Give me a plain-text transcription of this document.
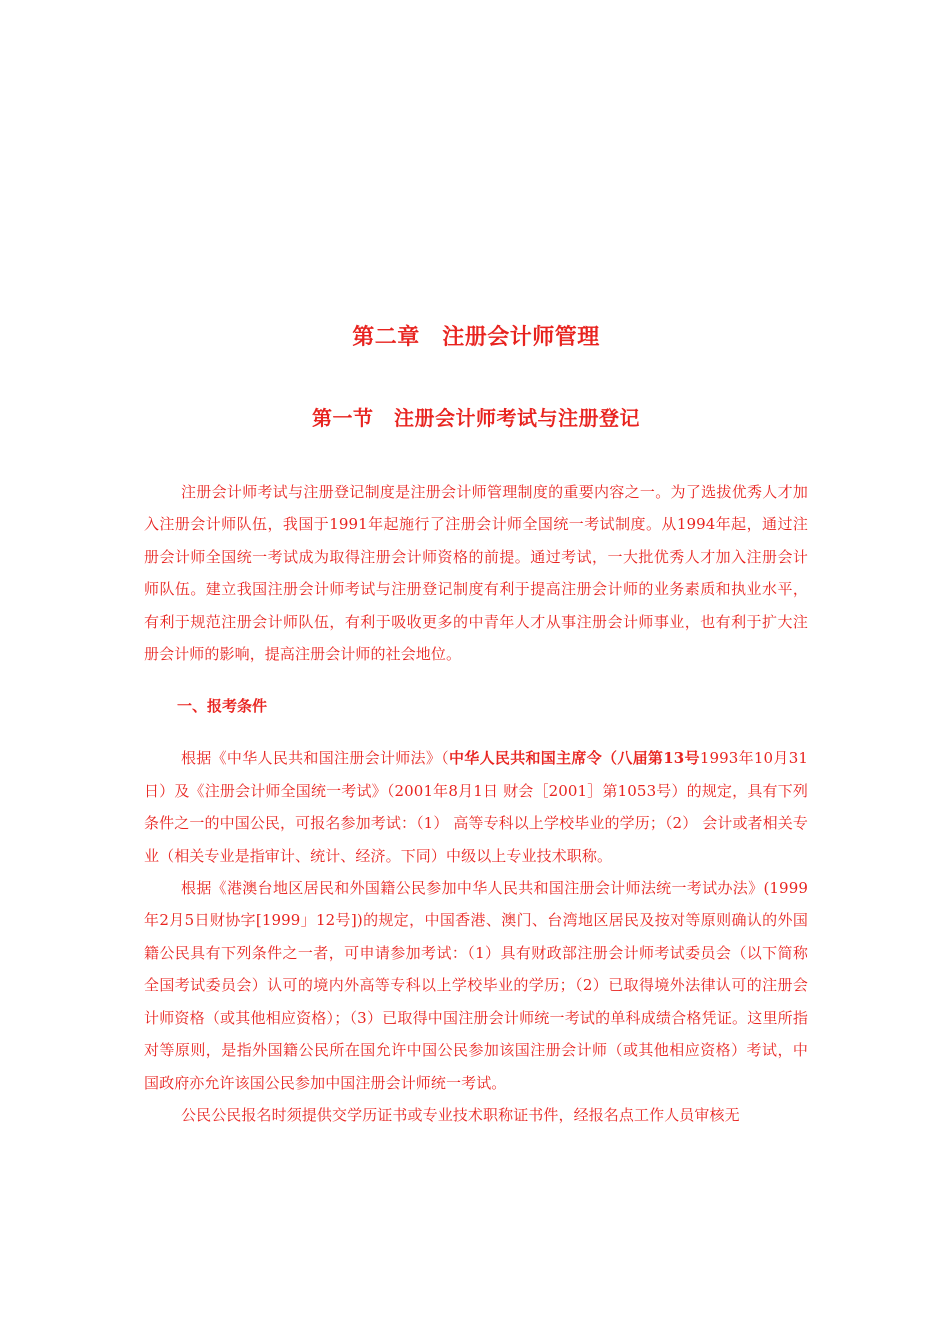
第二章　注册会计师管理
第一节　注册会计师考试与注册登记

注册会计师考试与注册登记制度是注册会计师管理制度的重要内容之一。为了选拔优秀人才加入注册会计师队伍，我国于1991年起施行了注册会计师全国统一考试制度。从1994年起，通过注册会计师全国统一考试成为取得注册会计师资格的前提。通过考试，一大批优秀人才加入注册会计师队伍。建立我国注册会计师考试与注册登记制度有利于提高注册会计师的业务素质和执业水平，有利于规范注册会计师队伍，有利于吸收更多的中青年人才从事注册会计师事业，也有利于扩大注册会计师的影响，提高注册会计师的社会地位。

一、报考条件

根据《中华人民共和国注册会计师法》（中华人民共和国主席令（八届第13号1993年10月31日）及《注册会计师全国统一考试》（2001年8月1日 财会［2001］第1053号）的规定，具有下列条件之一的中国公民，可报名参加考试：（1） 高等专科以上学校毕业的学历；（2） 会计或者相关专业（相关专业是指审计、统计、经济。下同）中级以上专业技术职称。

根据《港澳台地区居民和外国籍公民参加中华人民共和国注册会计师法统一考试办法》(1999年2月5日财协字[1999」12号])的规定，中国香港、澳门、台湾地区居民及按对等原则确认的外国籍公民具有下列条件之一者，可申请参加考试：（1）具有财政部注册会计师考试委员会（以下简称全国考试委员会）认可的境内外高等专科以上学校毕业的学历；（2）已取得境外法律认可的注册会计师资格（或其他相应资格）；（3）已取得中国注册会计师统一考试的单科成绩合格凭证。这里所指对等原则，是指外国籍公民所在国允许中国公民参加该国注册会计师（或其他相应资格）考试，中国政府亦允许该国公民参加中国注册会计师统一考试。

公民公民报名时须提供交学历证书或专业技术职称证书件，经报名点工作人员审核无
